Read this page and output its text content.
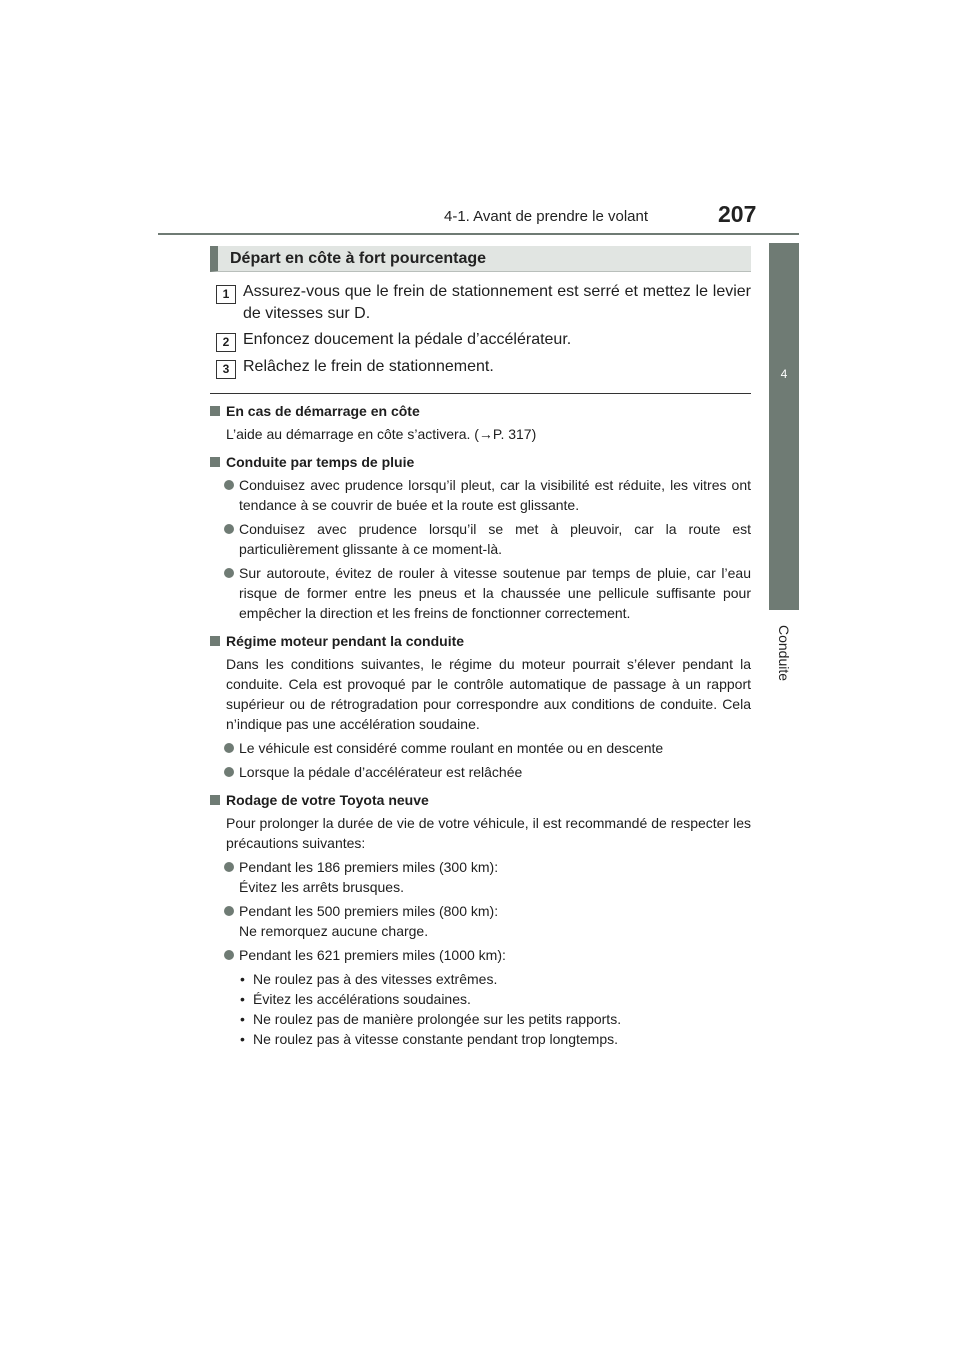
4-1. Avant de prendre le volant	207
4
Conduite
Départ en côte à fort pourcentage
1 Assurez-vous que le frein de stationnement est serré et mettez le levier de vitesses sur D.
2 Enfoncez doucement la pédale d’accélérateur.
3 Relâchez le frein de stationnement.
En cas de démarrage en côte
L’aide au démarrage en côte s’activera. (→P. 317)
Conduite par temps de pluie
Conduisez avec prudence lorsqu’il pleut, car la visibilité est réduite, les vitres ont tendance à se couvrir de buée et la route est glissante.
Conduisez avec prudence lorsqu’il se met à pleuvoir, car la route est particulièrement glissante à ce moment-là.
Sur autoroute, évitez de rouler à vitesse soutenue par temps de pluie, car l’eau risque de former entre les pneus et la chaussée une pellicule suffisante pour empêcher la direction et les freins de fonctionner correctement.
Régime moteur pendant la conduite
Dans les conditions suivantes, le régime du moteur pourrait s’élever pendant la conduite. Cela est provoqué par le contrôle automatique de passage à un rapport supérieur ou de rétrogradation pour correspondre aux conditions de conduite. Cela n’indique pas une accélération soudaine.
Le véhicule est considéré comme roulant en montée ou en descente
Lorsque la pédale d’accélérateur est relâchée
Rodage de votre Toyota neuve
Pour prolonger la durée de vie de votre véhicule, il est recommandé de respecter les précautions suivantes:
Pendant les 186 premiers miles (300 km):
Évitez les arrêts brusques.
Pendant les 500 premiers miles (800 km):
Ne remorquez aucune charge.
Pendant les 621 premiers miles (1000 km):
• Ne roulez pas à des vitesses extrêmes.
• Évitez les accélérations soudaines.
• Ne roulez pas de manière prolongée sur les petits rapports.
• Ne roulez pas à vitesse constante pendant trop longtemps.
